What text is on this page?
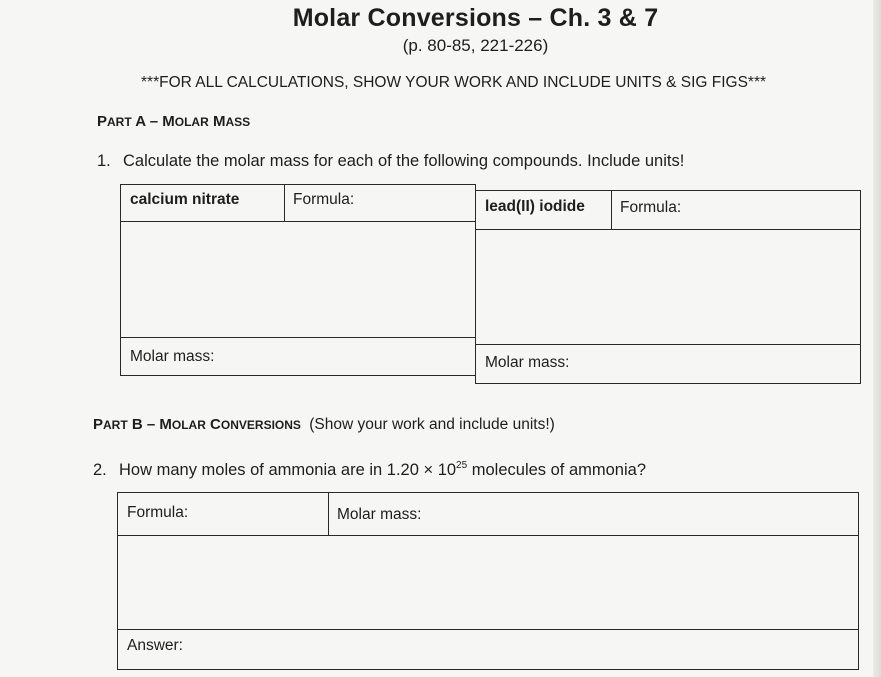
Molar Conversions – Ch. 3 & 7
(p. 80-85, 221-226)
***FOR ALL CALCULATIONS, SHOW YOUR WORK AND INCLUDE UNITS & SIG FIGS***
PART A – MOLAR MASS
1. Calculate the molar mass for each of the following compounds. Include units!
calcium nitrate	Formula:
Molar mass:
lead(II) iodide	Formula:
Molar mass:
PART B – MOLAR CONVERSIONS (Show your work and include units!)
2. How many moles of ammonia are in $1.20 \times 10^{25}$ molecules of ammonia?
Formula:	Molar mass:
Answer:
